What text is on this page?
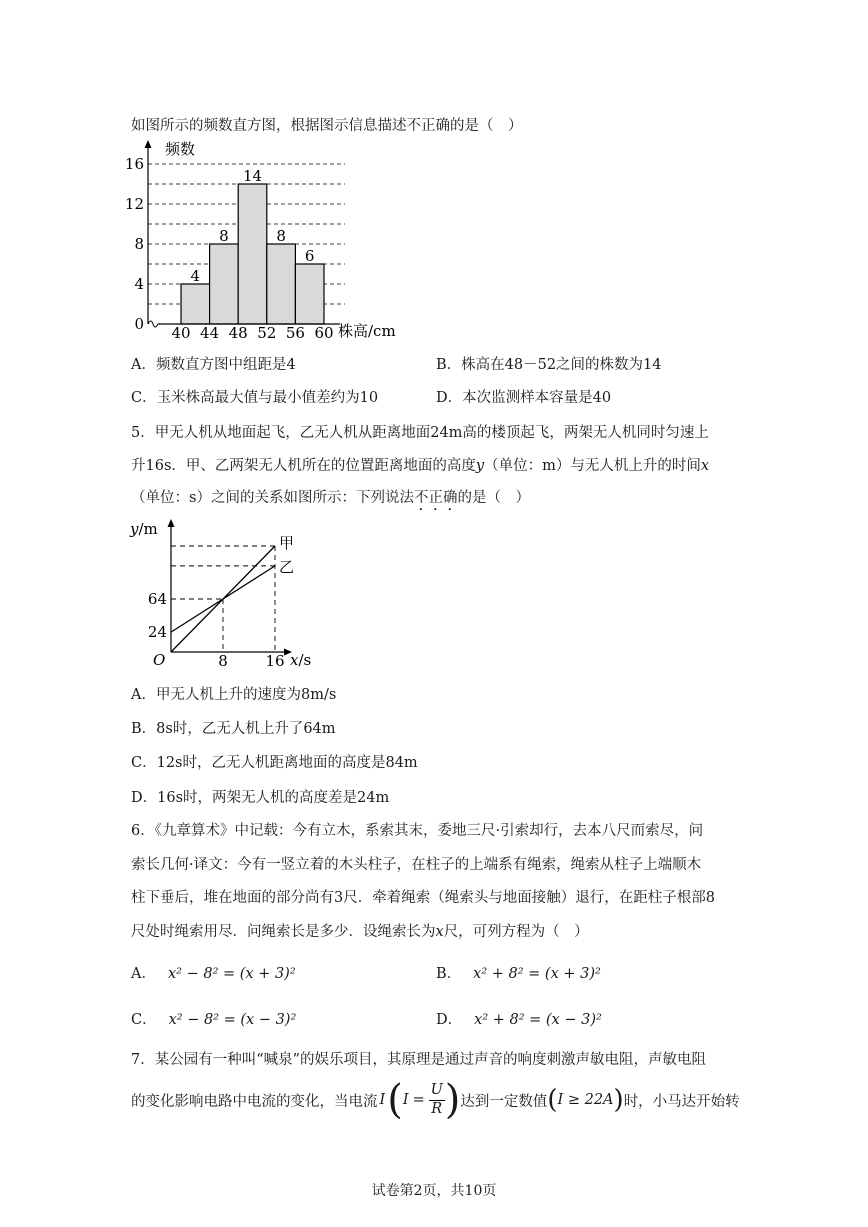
如图所示的频数直方图，根据图示信息描述不正确的是（　）
4
8
14
8
6
0
4
8
12
16
40 44 48 52 56 60
频数
株高/cm
A．频数直方图中组距是4	B．株高在48－52之间的株数为14
C．玉米株高最大值与最小值差约为10	D．本次监测样本容量是40
5．甲无人机从地面起飞，乙无人机从距离地面24m高的楼顶起飞，两架无人机同时匀速上
升16s．甲、乙两架无人机所在的位置距离地面的高度y（单位：m）与无人机上升的时间x
（单位：s）之间的关系如图所示：下列说法不正确的是（　）
甲
乙
8	16
24
64
y/m
x/s
O
A．甲无人机上升的速度为8m/s
B．8s时，乙无人机上升了64m
C．12s时，乙无人机距离地面的高度是84m
D．16s时，两架无人机的高度差是24m
6．《九章算术》中记载：今有立木，系索其末，委地三尺·引索却行，去本八尺而索尽，问
索长几何·译文：今有一竖立着的木头柱子，在柱子的上端系有绳索，绳索从柱子上端顺木
柱下垂后，堆在地面的部分尚有3尺．牵着绳索（绳索头与地面接触）退行，在距柱子根部8
尺处时绳索用尽．问绳索长是多少．设绳索长为x尺，可列方程为（　）
A． x² − 8² = (x + 3)²	B． x² + 8² = (x + 3)²
C． x² − 8² = (x − 3)²	D． x² + 8² = (x − 3)²
7．某公园有一种叫“喊泉”的娱乐项目，其原理是通过声音的响度刺激声敏电阻，声敏电阻
的变化影响电路中电流的变化，当电流 I ( I =
U
R ) 达到一定数值 ( I ≥ 22A ) 时，小马达开始转
试卷第2页，共10页
